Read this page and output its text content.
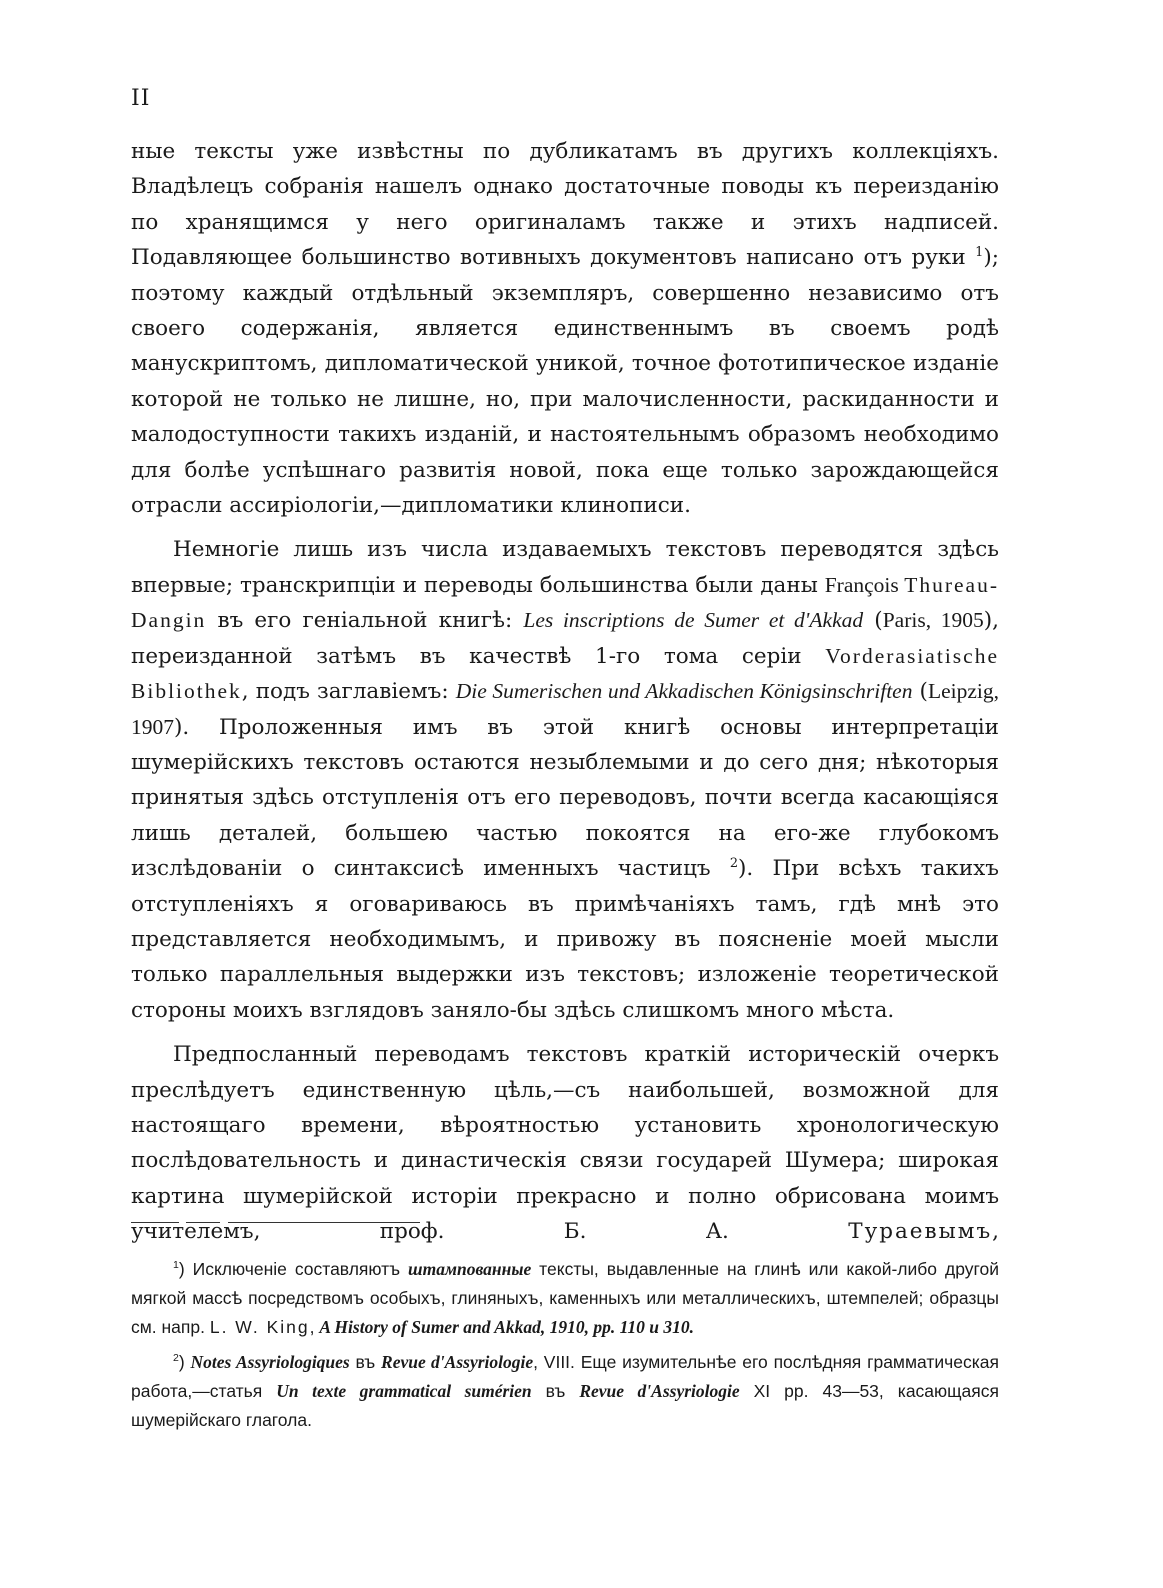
II

ные тексты уже извѣстны по дубликатамъ въ другихъ коллекціяхъ. Владѣлецъ собранія нашелъ однако достаточные поводы къ переизданію по хранящимся у него оригиналамъ также и этихъ надписей. Подавляющее большинство вотивныхъ документовъ написано отъ руки $^1$); поэтому каждый отдѣльный экземпляръ, совершенно независимо отъ своего содержанія, является единственнымъ въ своемъ родѣ манускриптомъ, дипломатической уникой, точное фототипическое изданіе которой не только не лишне, но, при малочисленности, раскиданности и малодоступности такихъ изданій, и настоятельнымъ образомъ необходимо для болѣе успѣшнаго развитія новой, пока еще только зарождающейся отрасли ассиріологіи,—дипломатики клинописи.

Немногіе лишь изъ числа издаваемыхъ текстовъ переводятся здѣсь впервые; транскрипціи и переводы большинства были даны François Thureau-Dangin въ его геніальной книгѣ: Les inscriptions de Sumer et d'Akkad (Paris, 1905), переизданной затѣмъ въ качествѣ 1-го тома серіи Vorderasiatische Bibliothek, подъ заглавіемъ: Die Sumerischen und Akkadischen Königsinschriften (Leipzig, 1907). Проложенныя имъ въ этой книгѣ основы интерпретаціи шумерійскихъ текстовъ остаются незыблемыми и до сего дня; нѣкоторыя принятыя здѣсь отступленія отъ его переводовъ, почти всегда касающіяся лишь деталей, большею частью покоятся на его-же глубокомъ изслѣдованіи о синтаксисѣ именныхъ частицъ $^2$). При всѣхъ такихъ отступленіяхъ я оговариваюсь въ примѣчаніяхъ тамъ, гдѣ мнѣ это представляется необходимымъ, и привожу въ поясненіе моей мысли только параллельныя выдержки изъ текстовъ; изложеніе теоретической стороны моихъ взглядовъ заняло-бы здѣсь слишкомъ много мѣста.

Предпосланный переводамъ текстовъ краткій историческій очеркъ преслѣдуетъ единственную цѣль,—съ наибольшей, возможной для настоящаго времени, вѣроятностью установить хронологическую послѣдовательность и династическія связи государей Шумера; широкая картина шумерійской исторіи прекрасно и полно обрисована моимъ учителемъ, проф. Б. А. Тураевымъ,

$^1$) Исключеніе составляютъ штампованные тексты, выдавленные на глинѣ или какой-либо другой мягкой массѣ посредствомъ особыхъ, глиняныхъ, каменныхъ или металлическихъ, штемпелей; образцы см. напр. L. W. King, A History of Sumer and Akkad, 1910, pp. 110 и 310.

$^2$) Notes Assyriologiques въ Revue d'Assyriologie, VIII. Еще изумительнѣе его послѣдняя грамматическая работа,—статья Un texte grammatical sumérien въ Revue d'Assyriologie XI pp. 43—53, касающаяся шумерійскаго глагола.
